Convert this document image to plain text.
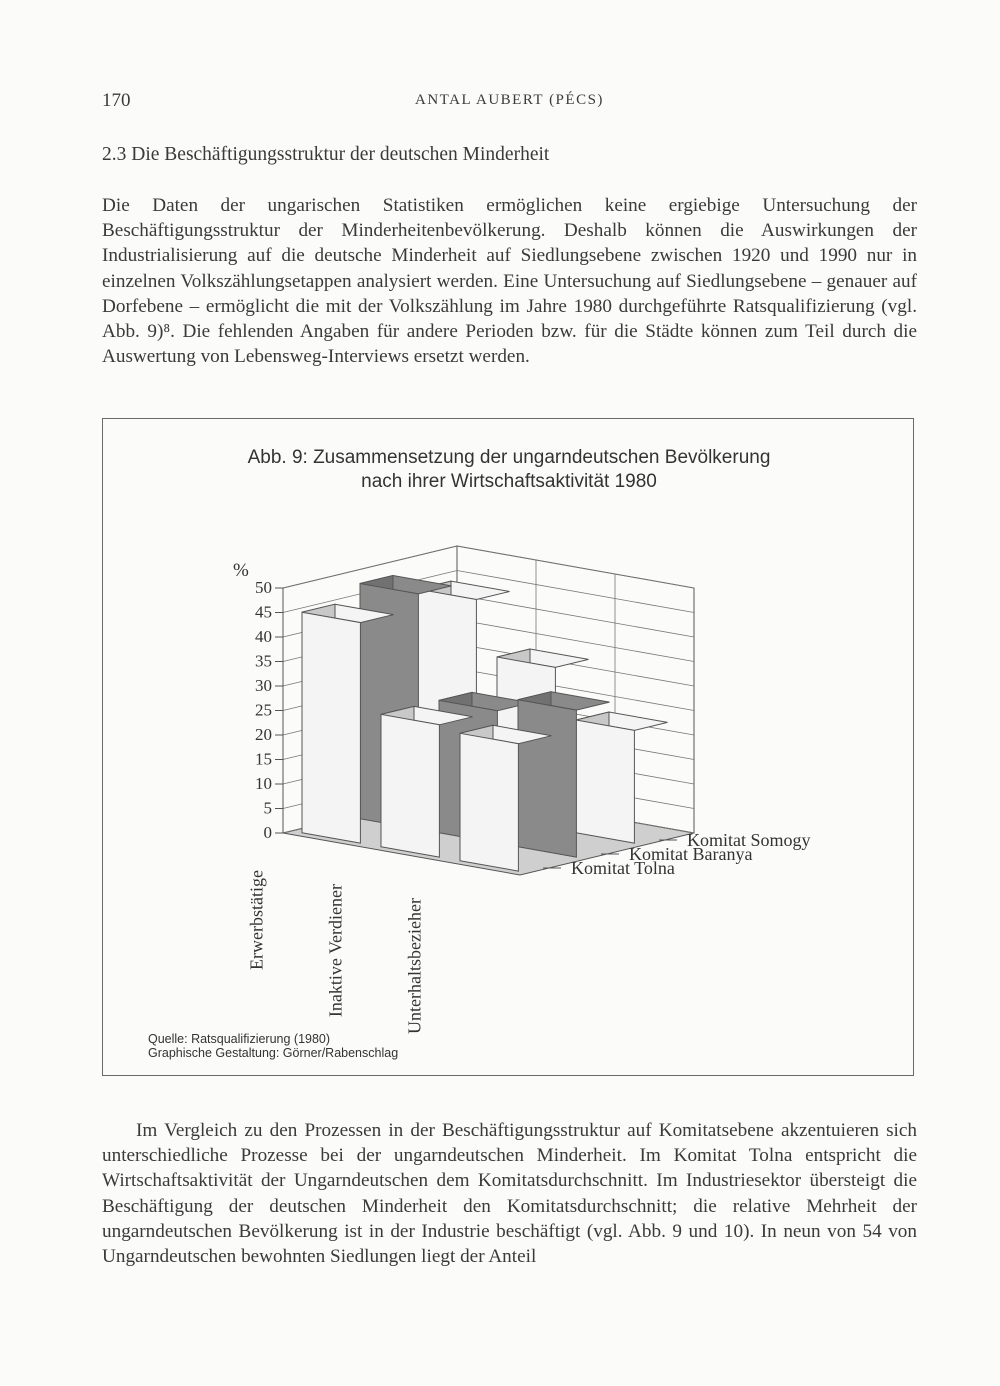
170	ANTAL AUBERT (PÉCS)
2.3 Die Beschäftigungsstruktur der deutschen Minderheit

Die Daten der ungarischen Statistiken ermöglichen keine ergiebige Untersuchung der Beschäftigungsstruktur der Minderheitenbevölkerung. Deshalb können die Auswirkungen der Industrialisierung auf die deutsche Minderheit auf Siedlungsebene zwischen 1920 und 1990 nur in einzelnen Volkszählungsetappen analysiert werden. Eine Untersuchung auf Siedlungsebene – genauer auf Dorfebene – ermöglicht die mit der Volkszählung im Jahre 1980 durchgeführte Ratsqualifizierung (vgl. Abb. 9)⁸. Die fehlenden Angaben für andere Perioden bzw. für die Städte können zum Teil durch die Auswertung von Lebensweg-Interviews ersetzt werden.

Abb. 9: Zusammensetzung der ungarndeutschen Bevölkerung
nach ihrer Wirtschaftsaktivität 1980
0
5
10
15
20
25
30
35
40
45
50
%
Erwerbstätige	Inaktive Verdiener	Unterhaltsbezieher
Komitat Tolna
Komitat Baranya
Komitat Somogy
Quelle: Ratsqualifizierung (1980)
Graphische Gestaltung: Görner/Rabenschlag

Im Vergleich zu den Prozessen in der Beschäftigungsstruktur auf Komitatsebene akzentuieren sich unterschiedliche Prozesse bei der ungarndeutschen Minderheit. Im Komitat Tolna entspricht die Wirtschaftsaktivität der Ungarndeutschen dem Komitatsdurchschnitt. Im Industriesektor übersteigt die Beschäftigung der deutschen Minderheit den Komitatsdurchschnitt; die relative Mehrheit der ungarndeutschen Bevölkerung ist in der Industrie beschäftigt (vgl. Abb. 9 und 10). In neun von 54 von Ungarndeutschen bewohnten Siedlungen liegt der Anteil
